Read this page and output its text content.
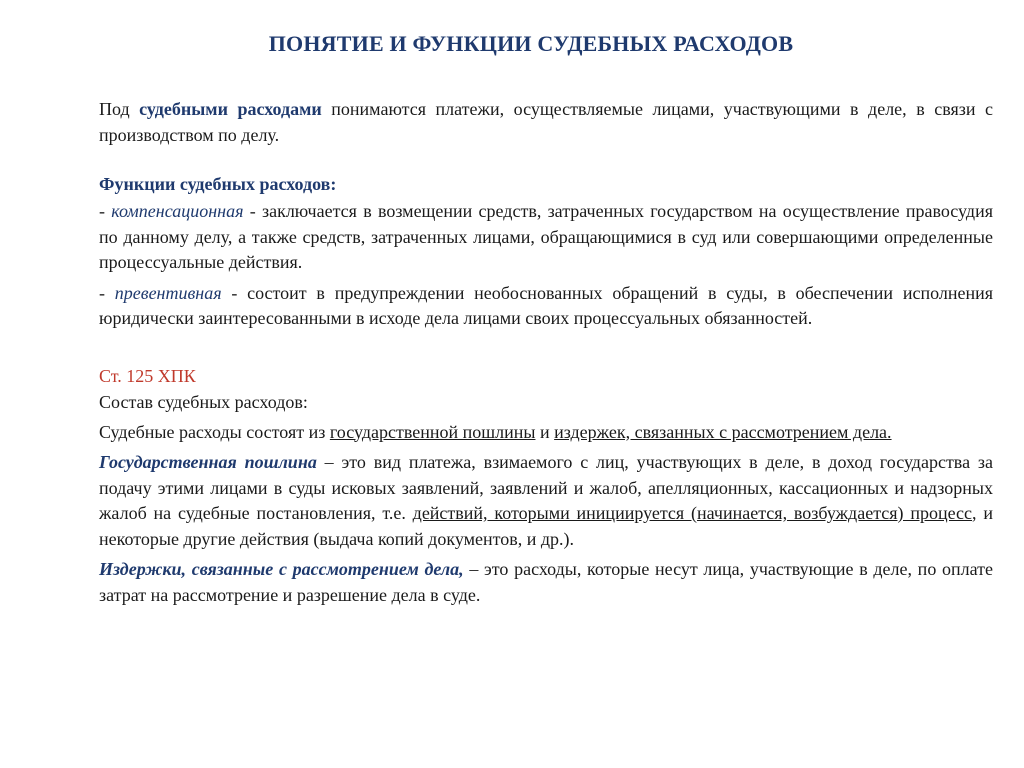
ПОНЯТИЕ И ФУНКЦИИ СУДЕБНЫХ РАСХОДОВ

Под судебными расходами понимаются платежи, осуществляемые лицами, участвующими в деле, в связи с производством по делу.

Функции судебных расходов:

- компенсационная - заключается в возмещении средств, затраченных государством на осуществление правосудия по данному делу, а также средств, затраченных лицами, обращающимися в суд или совершающими определенные процессуальные действия.

- превентивная - состоит в предупреждении необоснованных обращений в суды, в обеспечении исполнения юридически заинтересованными в исходе дела лицами своих процессуальных обязанностей.

Ст. 125 ХПК

Состав судебных расходов:

Судебные расходы состоят из государственной пошлины и издержек, связанных с рассмотрением дела.

Государственная пошлина – это вид платежа, взимаемого с лиц, участвующих в деле, в доход государства за подачу этими лицами в суды исковых заявлений, заявлений и жалоб, апелляционных, кассационных и надзорных жалоб на судебные постановления, т.е. действий, которыми инициируется (начинается, возбуждается) процесс, и некоторые другие действия (выдача копий документов, и др.).

Издержки, связанные с рассмотрением дела, – это расходы, которые несут лица, участвующие в деле, по оплате затрат на рассмотрение и разрешение дела в суде.
